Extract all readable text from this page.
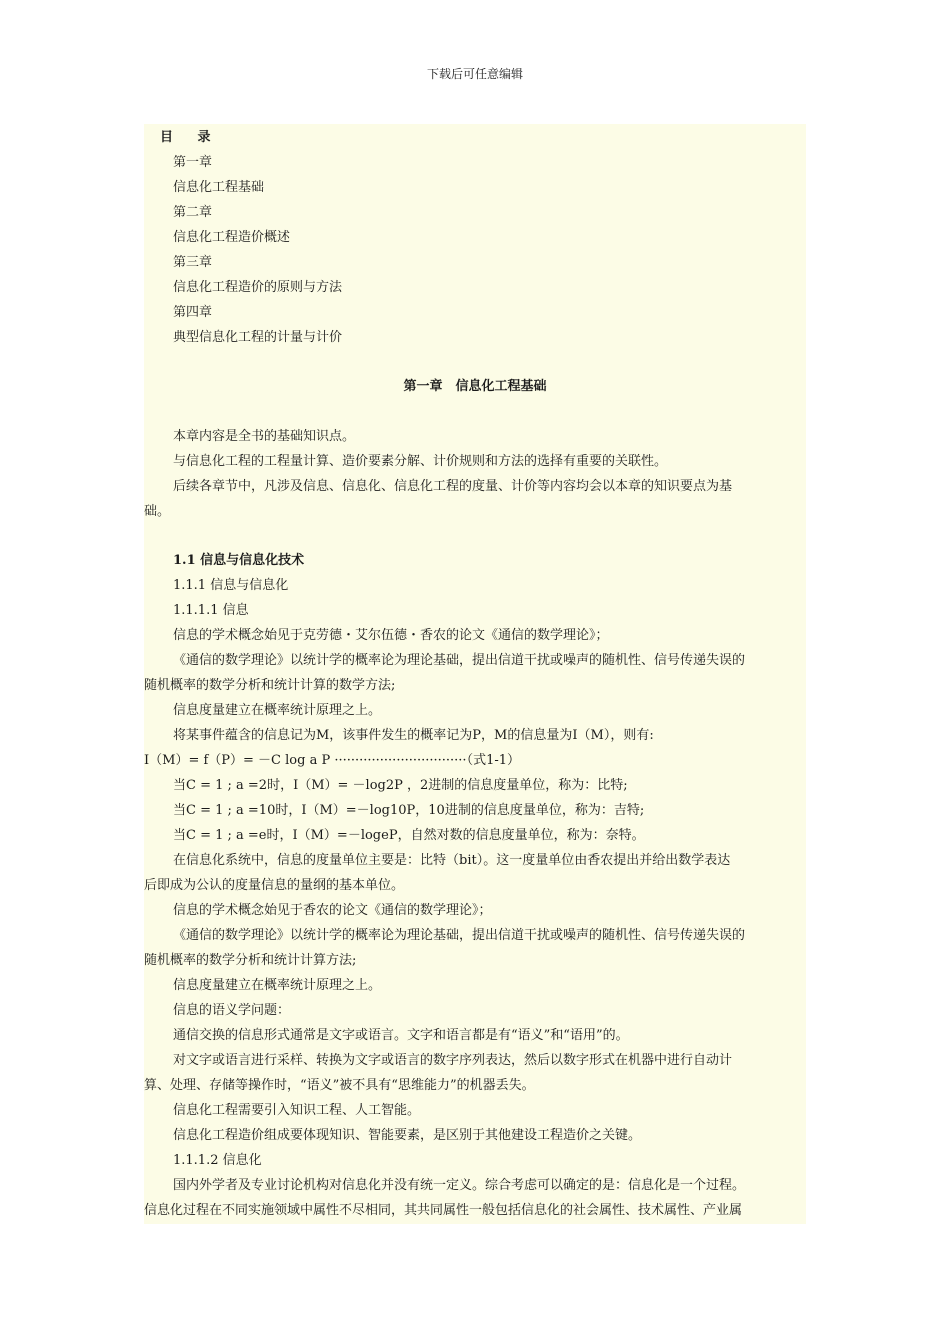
下载后可任意编辑
目 录
第一章
信息化工程基础
第二章
信息化工程造价概述
第三章
信息化工程造价的原则与方法
第四章
典型信息化工程的计量与计价
第一章　信息化工程基础
本章内容是全书的基础知识点。
与信息化工程的工程量计算、造价要素分解、计价规则和方法的选择有重要的关联性。
后续各章节中，凡涉及信息、信息化、信息化工程的度量、计价等内容均会以本章的知识要点为基
础。
1.1 信息与信息化技术
1.1.1 信息与信息化
1.1.1.1 信息
信息的学术概念始见于克劳德・艾尔伍德・香农的论文《通信的数学理论》；
《通信的数学理论》以统计学的概率论为理论基础，提出信道干扰或噪声的随机性、信号传递失误的
随机概率的数学分析和统计计算的数学方法;
信息度量建立在概率统计原理之上。
将某事件蕴含的信息记为M，该事件发生的概率记为P，M的信息量为I（M），则有:
I（M）= f（P）= －C log a P ································（式1-1）
当C = 1 ; a =2时，I（M）= －log2P ，2进制的信息度量单位，称为：比特;
当C = 1 ; a =10时，I（M）=－log10P，10进制的信息度量单位，称为：吉特;
当C = 1 ; a =e时，I（M）=－logeP，自然对数的信息度量单位，称为：奈特。
在信息化系统中，信息的度量单位主要是：比特（bit）。这一度量单位由香农提出并给出数学表达
后即成为公认的度量信息的量纲的基本单位。
信息的学术概念始见于香农的论文《通信的数学理论》；
《通信的数学理论》以统计学的概率论为理论基础，提出信道干扰或噪声的随机性、信号传递失误的
随机概率的数学分析和统计计算方法;
信息度量建立在概率统计原理之上。
信息的语义学问题：
通信交换的信息形式通常是文字或语言。文字和语言都是有“语义”和“语用”的。
对文字或语言进行采样、转换为文字或语言的数字序列表达，然后以数字形式在机器中进行自动计
算、处理、存储等操作时，“语义”被不具有“思维能力”的机器丢失。
信息化工程需要引入知识工程、人工智能。
信息化工程造价组成要体现知识、智能要素，是区别于其他建设工程造价之关键。
1.1.1.2 信息化
国内外学者及专业讨论机构对信息化并没有统一定义。综合考虑可以确定的是：信息化是一个过程。
信息化过程在不同实施领域中属性不尽相同，其共同属性一般包括信息化的社会属性、技术属性、产业属
